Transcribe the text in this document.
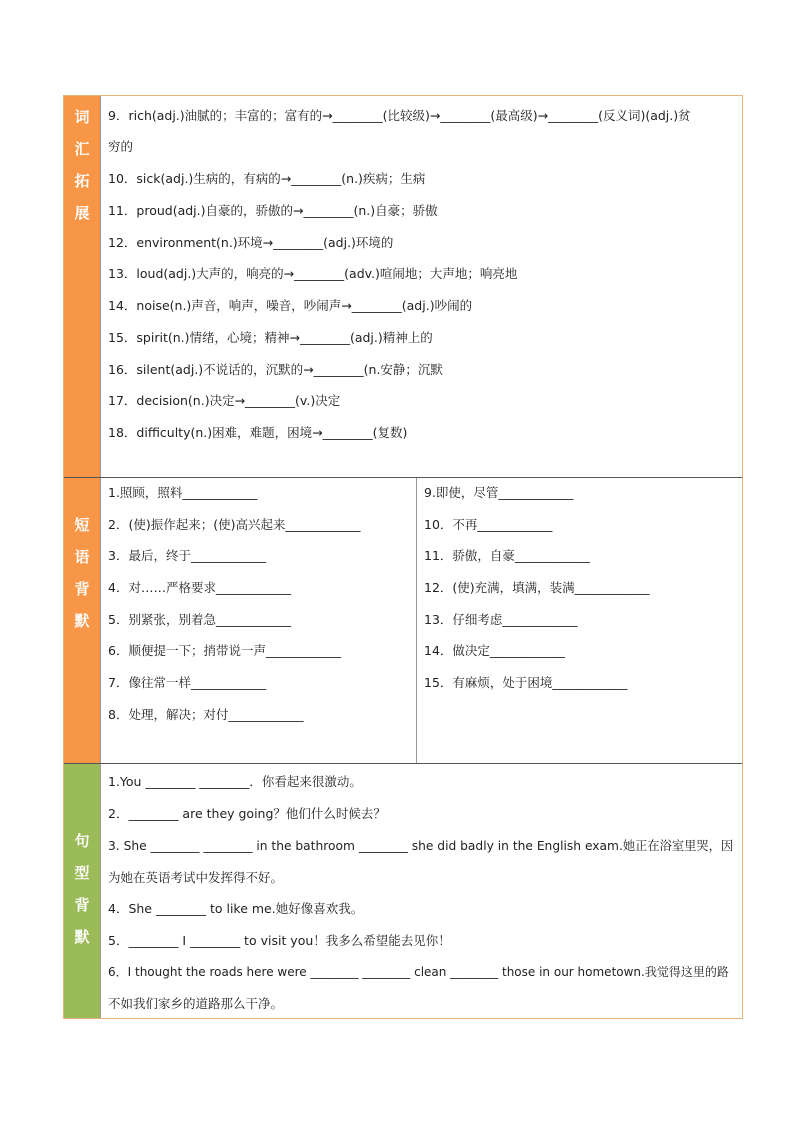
词
汇
拓
展
9．rich(adj.)油腻的；丰富的；富有的→________(比较级)→________(最高级)→________(反义词)(adj.)贫
穷的
10．sick(adj.)生病的，有病的→________(n.)疾病；生病
11．proud(adj.)自豪的，骄傲的→________(n.)自豪；骄傲
12．environment(n.)环境→________(adj.)环境的
13．loud(adj.)大声的，响亮的→________(adv.)喧闹地；大声地；响亮地
14．noise(n.)声音，响声，噪音，吵闹声→________(adj.)吵闹的
15．spirit(n.)情绪，心境；精神→________(adj.)精神上的
16．silent(adj.)不说话的，沉默的→________(n.安静；沉默
17．decision(n.)决定→________(v.)决定
18．difficulty(n.)困难，难题，困境→________(复数)
短
语
背
默
1.照顾，照料____________
2．(使)振作起来；(使)高兴起来____________
3．最后，终于____________
4．对……严格要求____________
5．别紧张，别着急____________
6．顺便提一下；捎带说一声____________
7．像往常一样____________
8．处理，解决；对付____________
9.即使，尽管____________
10．不再____________
11．骄傲，自豪____________
12．(使)充满，填满，装满____________
13．仔细考虑____________
14．做决定____________
15．有麻烦，处于困境____________
句
型
背
默
1.You ________ ________．你看起来很激动。
2．________ are they going？他们什么时候去？
3. She ________ ________ in the bathroom ________ she did badly in the English exam.她正在浴室里哭，因
为她在英语考试中发挥得不好。
4．She ________ to like me.她好像喜欢我。
5．________ I ________ to visit you！我多么希望能去见你！
6．I thought the roads here were ________ ________ clean ________ those in our hometown.我觉得这里的路
不如我们家乡的道路那么干净。
